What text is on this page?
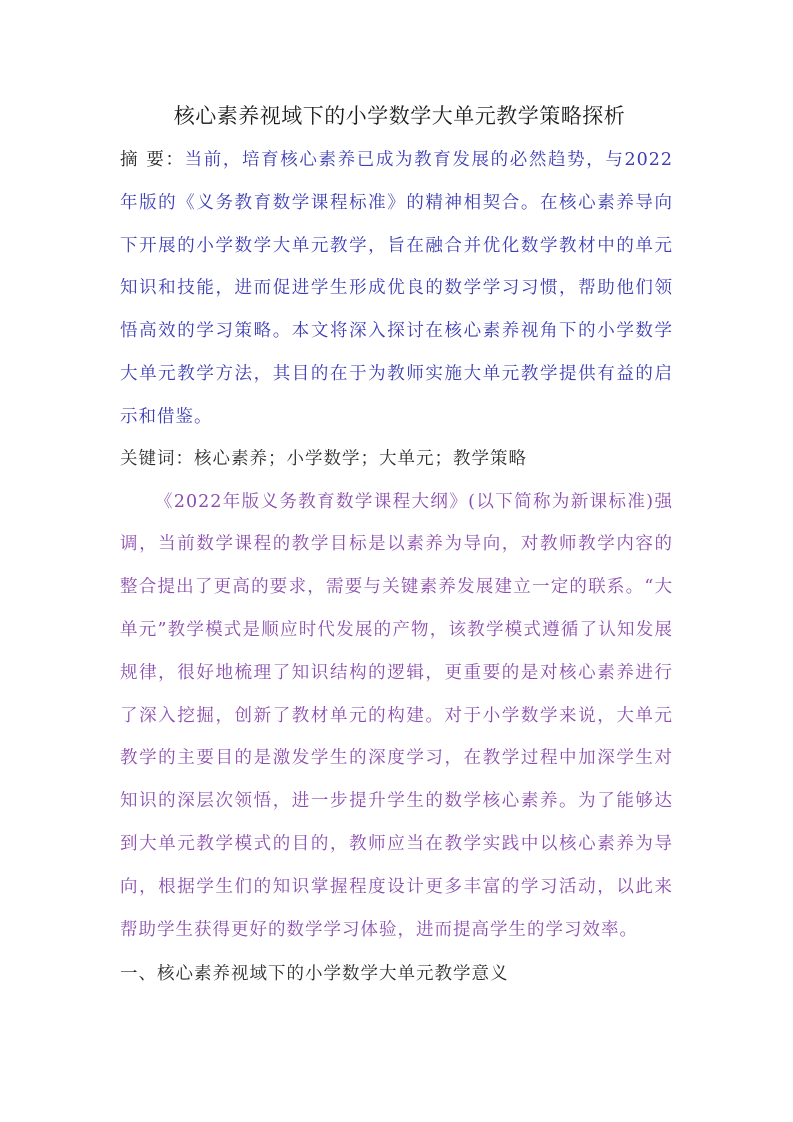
核心素养视域下的小学数学大单元教学策略探析

摘 要：当前，培育核心素养已成为教育发展的必然趋势，与2022年版的《义务教育数学课程标准》的精神相契合。在核心素养导向下开展的小学数学大单元教学，旨在融合并优化数学教材中的单元知识和技能，进而促进学生形成优良的数学学习习惯，帮助他们领悟高效的学习策略。本文将深入探讨在核心素养视角下的小学数学大单元教学方法，其目的在于为教师实施大单元教学提供有益的启示和借鉴。

关键词：核心素养；小学数学；大单元；教学策略

《2022年版义务教育数学课程大纲》(以下简称为新课标准)强调，当前数学课程的教学目标是以素养为导向，对教师教学内容的整合提出了更高的要求，需要与关键素养发展建立一定的联系。“大单元”教学模式是顺应时代发展的产物，该教学模式遵循了认知发展规律，很好地梳理了知识结构的逻辑，更重要的是对核心素养进行了深入挖掘，创新了教材单元的构建。对于小学数学来说，大单元教学的主要目的是激发学生的深度学习，在教学过程中加深学生对知识的深层次领悟，进一步提升学生的数学核心素养。为了能够达到大单元教学模式的目的，教师应当在教学实践中以核心素养为导向，根据学生们的知识掌握程度设计更多丰富的学习活动，以此来帮助学生获得更好的数学学习体验，进而提高学生的学习效率。

一、核心素养视域下的小学数学大单元教学意义
